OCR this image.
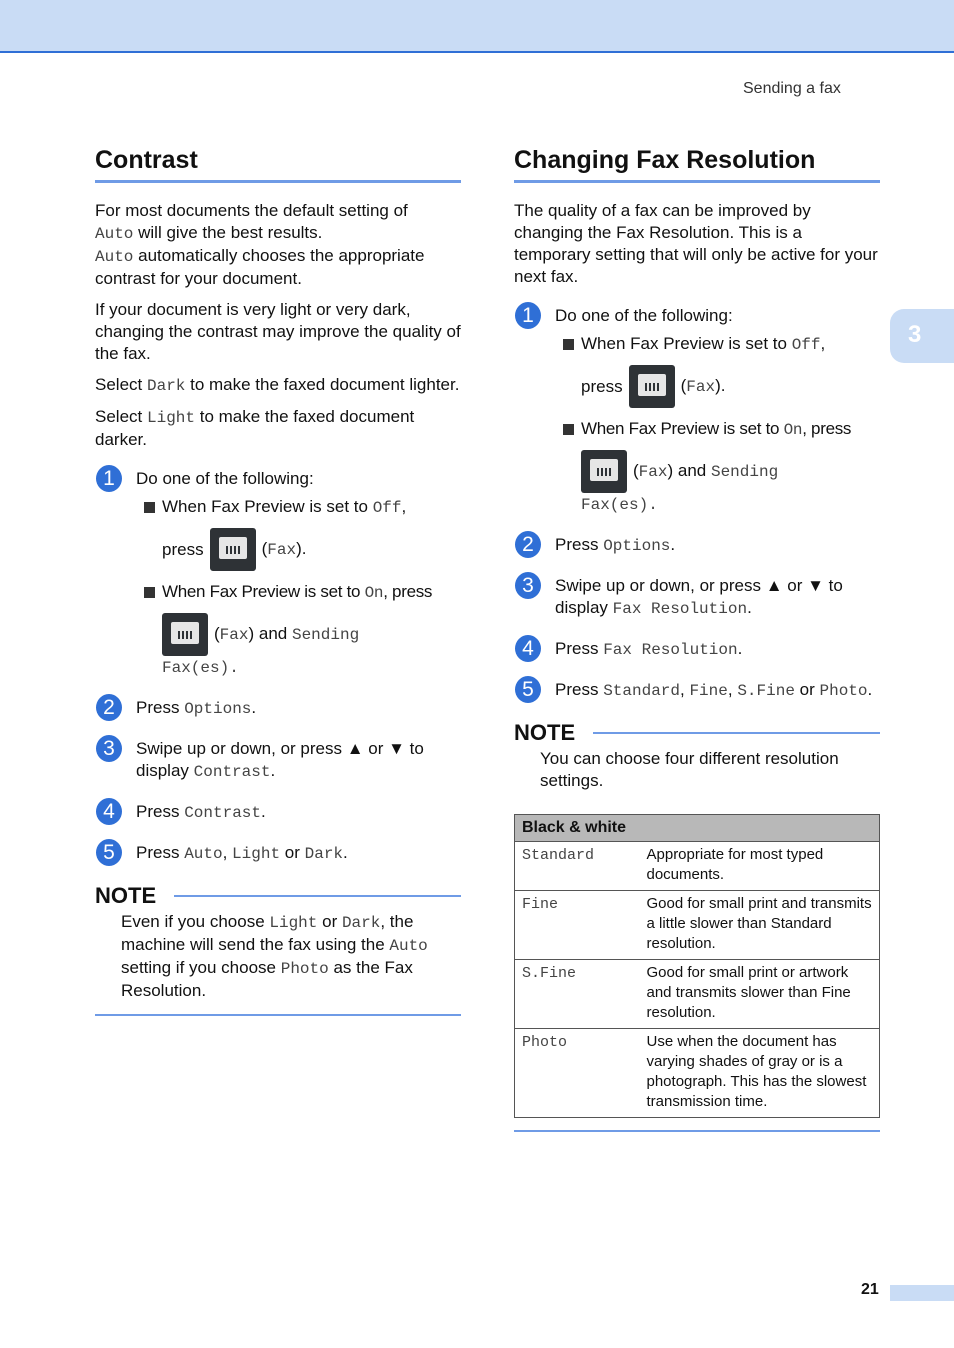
Sending a fax
3
Contrast

For most documents the default setting of
Auto will give the best results.
Auto automatically chooses the appropriate contrast for your document.

If your document is very light or very dark, changing the contrast may improve the quality of the fax.

Select Dark to make the faxed document lighter.

Select Light to make the faxed document darker.

1	Do one of the following:
When Fax Preview is set to Off,
press	(Fax).
When Fax Preview is set to On, press
(Fax) and Sending
Fax(es).
2	Press Options.
3	Swipe up or down, or press ▲ or ▼ to display Contrast.
4	Press Contrast.
5	Press Auto, Light or Dark.
NOTE
Even if you choose Light or Dark, the machine will send the fax using the Auto setting if you choose Photo as the Fax Resolution.
Changing Fax Resolution

The quality of a fax can be improved by changing the Fax Resolution. This is a temporary setting that will only be active for your next fax.

1	Do one of the following:
When Fax Preview is set to Off,
press	(Fax).
When Fax Preview is set to On, press
(Fax) and Sending
Fax(es).
2	Press Options.
3	Swipe up or down, or press ▲ or ▼ to display Fax Resolution.
4	Press Fax Resolution.
5	Press Standard, Fine, S.Fine or Photo.
NOTE
You can choose four different resolution settings.
Black & white	
Standard	Appropriate for most typed documents.
Fine	Good for small print and transmits a little slower than Standard resolution.
S.Fine	Good for small print or artwork and transmits slower than Fine resolution.
Photo	Use when the document has varying shades of gray or is a photograph. This has the slowest transmission time.
21
